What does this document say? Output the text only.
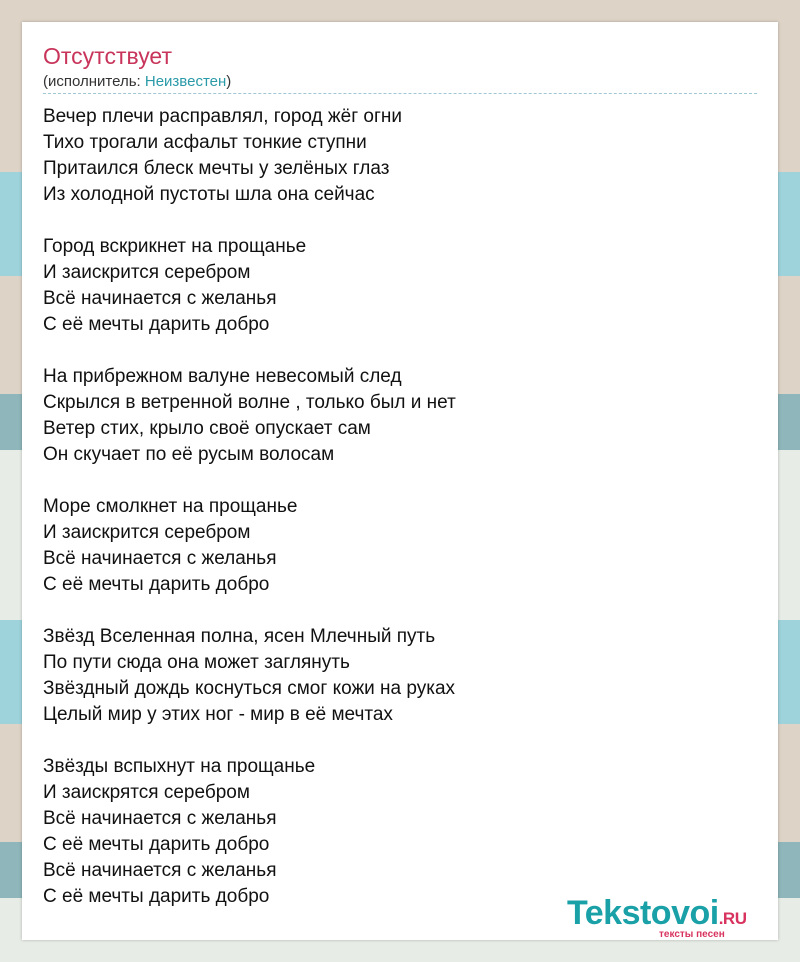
Отсутствует
(исполнитель: Неизвестен)
Вечер плечи расправлял, город жёг огни
Тихо трогали асфальт тонкие ступни
Притаился блеск мечты у зелёных глаз
Из холодной пустоты шла она сейчас
Город вскрикнет на прощанье
И заискрится серебром
Всё начинается с желанья
С её мечты дарить добро
На прибрежном валуне невесомый след
Скрылся в ветренной волне , только был и нет
Ветер стих, крыло своё опускает сам
Он скучает по её русым волосам
Море смолкнет на прощанье
И заискрится серебром
Всё начинается с желанья
С её мечты дарить добро
Звёзд Вселенная полна, ясен Млечный путь
По пути сюда она может заглянуть
Звёздный дождь коснуться смог кожи на руках
Целый мир у этих ног - мир в её мечтах
Звёзды вспыхнут на прощанье
И заискрятся серебром
Всё начинается с желанья
С её мечты дарить добро
Всё начинается с желанья
С её мечты дарить добро	Tekstovoi.RU
тексты песен
